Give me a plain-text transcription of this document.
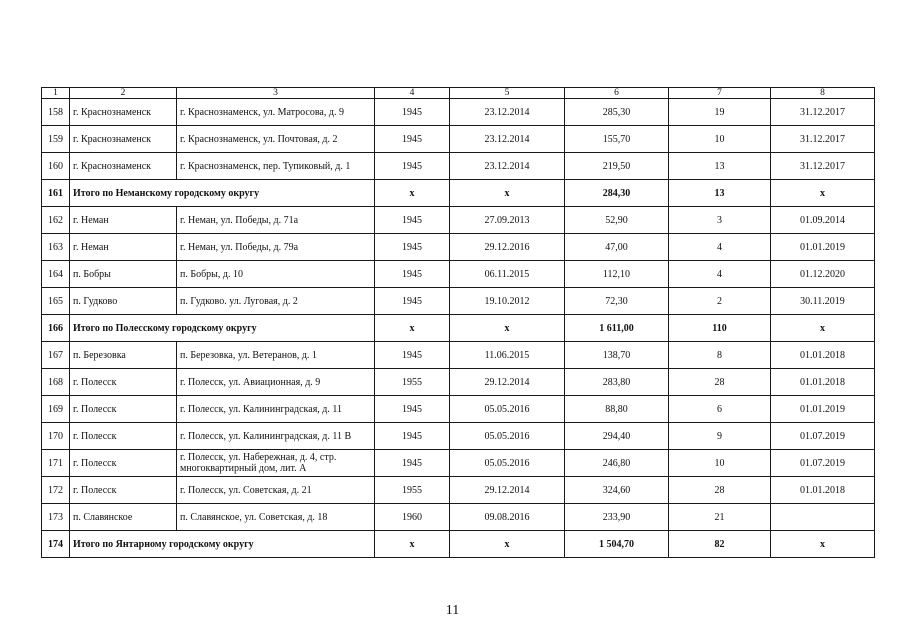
1	2	3	4	5	6	7	8
158	г. Краснознаменск	г. Краснознаменск, ул. Матросова, д. 9	1945	23.12.2014	285,30	19	31.12.2017
159	г. Краснознаменск	г. Краснознаменск, ул. Почтовая, д. 2	1945	23.12.2014	155,70	10	31.12.2017
160	г. Краснознаменск	г. Краснознаменск, пер. Тупиковый, д. 1	1945	23.12.2014	219,50	13	31.12.2017
161	Итого по Неманскому городскому округу		x	x	284,30	13	x
162	г. Неман	г. Неман, ул. Победы, д. 71а	1945	27.09.2013	52,90	3	01.09.2014
163	г. Неман	г. Неман, ул. Победы, д. 79а	1945	29.12.2016	47,00	4	01.01.2019
164	п. Бобры	п. Бобры, д. 10	1945	06.11.2015	112,10	4	01.12.2020
165	п. Гудково	п. Гудково. ул. Луговая, д. 2	1945	19.10.2012	72,30	2	30.11.2019
166	Итого по Полесскому городскому округу		x	x	1 611,00	110	x
167	п. Березовка	п. Березовка, ул. Ветеранов, д. 1	1945	11.06.2015	138,70	8	01.01.2018
168	г. Полесск	г. Полесск, ул. Авиационная, д. 9	1955	29.12.2014	283,80	28	01.01.2018
169	г. Полесск	г. Полесск, ул. Калининградская, д. 11	1945	05.05.2016	88,80	6	01.01.2019
170	г. Полесск	г. Полесск, ул. Калининградская, д. 11 В	1945	05.05.2016	294,40	9	01.07.2019
171	г. Полесск	г. Полесск, ул. Набережная, д. 4, стр. многоквартирный дом, лит. А	1945	05.05.2016	246,80	10	01.07.2019
172	г. Полесск	г. Полесск, ул. Советская, д. 21	1955	29.12.2014	324,60	28	01.01.2018
173	п. Славянское	п. Славянское, ул. Советская, д. 18	1960	09.08.2016	233,90	21	
174	Итого по Янтарному городскому округу		x	x	1 504,70	82	x
11
